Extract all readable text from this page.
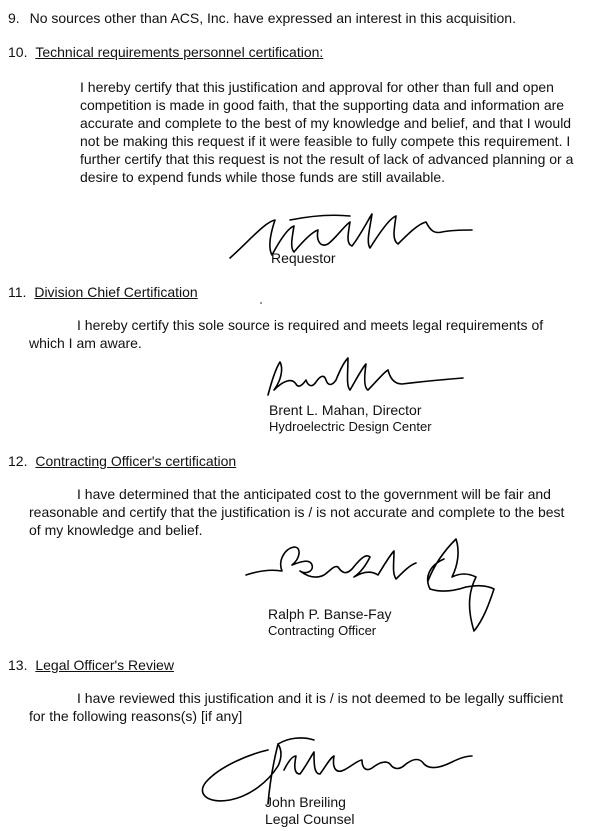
9. No sources other than ACS, Inc. have expressed an interest in this acquisition.
10. Technical requirements personnel certification:
I hereby certify that this justification and approval for other than full and open
competition is made in good faith, that the supporting data and information are
accurate and complete to the best of my knowledge and belief, and that I would
not be making this request if it were feasible to fully compete this requirement. I
further certify that this request is not the result of lack of advanced planning or a
desire to expend funds while those funds are still available.
Requestor
11. Division Chief Certification
I hereby certify this sole source is required and meets legal requirements of
which I am aware.
Brent L. Mahan, Director
Hydroelectric Design Center
12. Contracting Officer's certification
I have determined that the anticipated cost to the government will be fair and
reasonable and certify that the justification is / is not accurate and complete to the best
of my knowledge and belief.
Ralph P. Banse-Fay
Contracting Officer
13. Legal Officer's Review
I have reviewed this justification and it is / is not deemed to be legally sufficient
for the following reasons(s) [if any]
John Breiling
Legal Counsel
